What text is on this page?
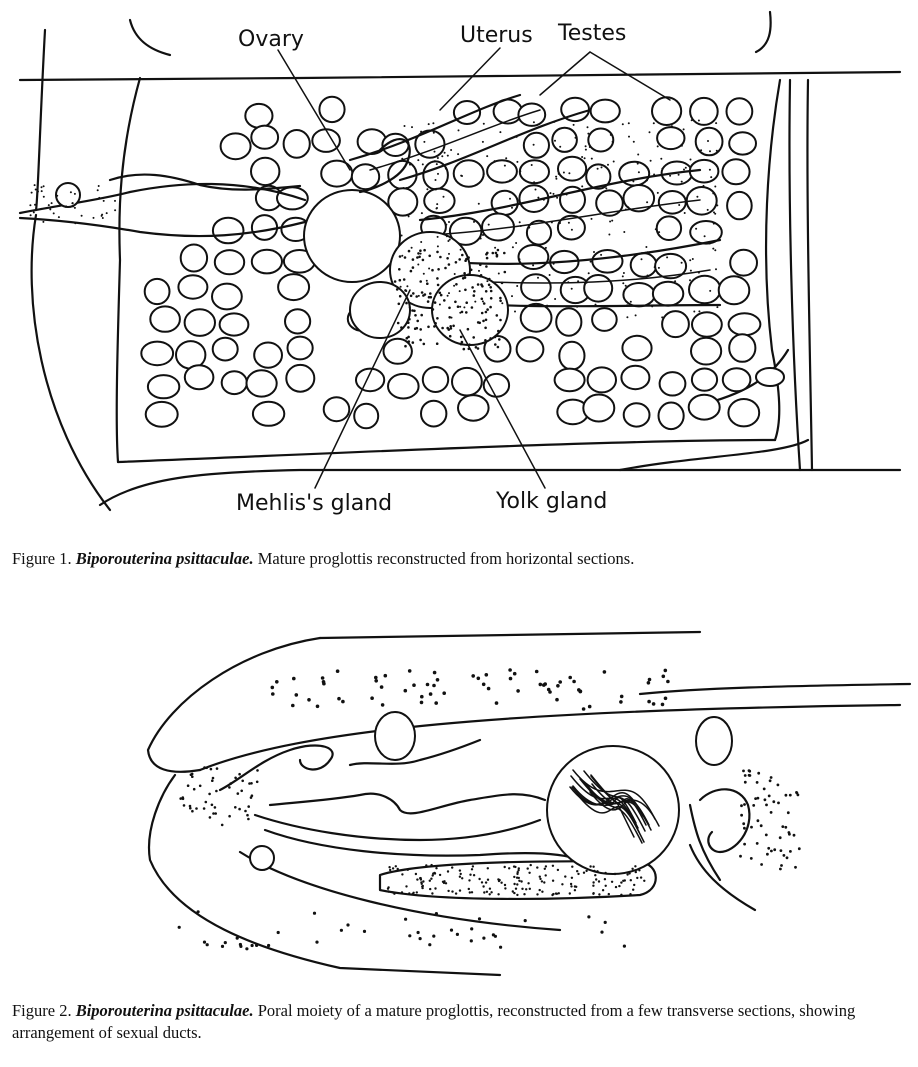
Ovary	Uterus Testes
Mehlis's gland	Yolk gland

Figure 1. Biporouterina psittaculae. Mature proglottis reconstructed from horizontal sections.

Figure 2. Biporouterina psittaculae. Poral moiety of a mature proglottis, reconstructed from a few transverse sections, showing arrangement of sexual ducts.
